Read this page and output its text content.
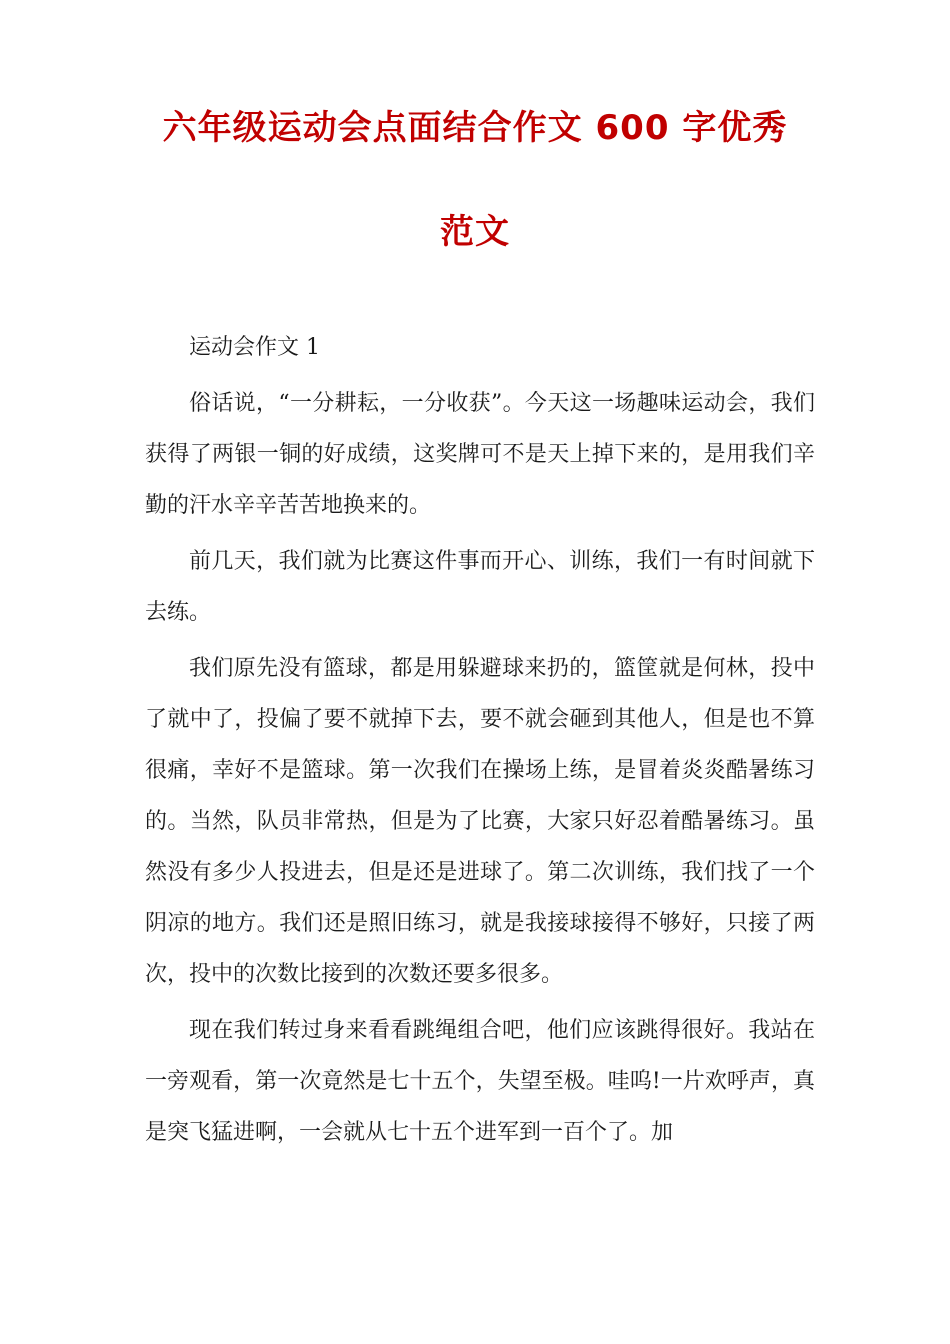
六年级运动会点面结合作文 600 字优秀
范文

运动会作文 1

俗话说，“一分耕耘，一分收获”。今天这一场趣味运动会，我们获得了两银一铜的好成绩，这奖牌可不是天上掉下来的，是用我们辛勤的汗水辛辛苦苦地换来的。

前几天，我们就为比赛这件事而开心、训练，我们一有时间就下去练。

我们原先没有篮球，都是用躲避球来扔的，篮筐就是何林，投中了就中了，投偏了要不就掉下去，要不就会砸到其他人，但是也不算很痛，幸好不是篮球。第一次我们在操场上练，是冒着炎炎酷暑练习的。当然，队员非常热，但是为了比赛，大家只好忍着酷暑练习。虽然没有多少人投进去，但是还是进球了。第二次训练，我们找了一个阴凉的地方。我们还是照旧练习，就是我接球接得不够好，只接了两次，投中的次数比接到的次数还要多很多。

现在我们转过身来看看跳绳组合吧，他们应该跳得很好。我站在一旁观看，第一次竟然是七十五个，失望至极。哇呜!一片欢呼声，真是突飞猛进啊，一会就从七十五个进军到一百个了。加
